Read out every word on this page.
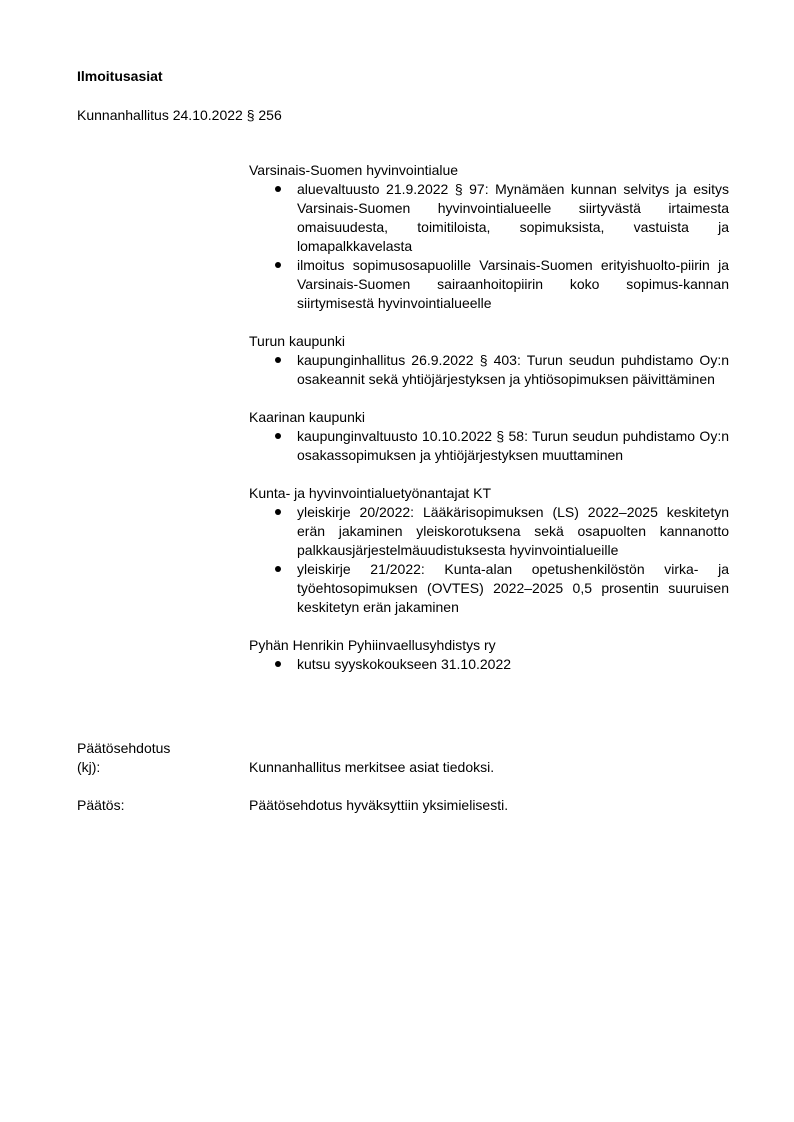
Ilmoitusasiat
Kunnanhallitus 24.10.2022 § 256
Varsinais-Suomen hyvinvointialue
aluevaltuusto 21.9.2022 § 97: Mynämäen kunnan selvitys ja esitys Varsinais-Suomen hyvinvointialueelle siirtyvästä irtaimesta omaisuudesta, toimitiloista, sopimuksista, vastuista ja lomapalkkavelasta
ilmoitus sopimusosapuolille Varsinais-Suomen erityishuolto-piirin ja Varsinais-Suomen sairaanhoitopiirin koko sopimus-kannan siirtymisestä hyvinvointialueelle
Turun kaupunki
kaupunginhallitus 26.9.2022 § 403: Turun seudun puhdistamo Oy:n osakeannit sekä yhtiöjärjestyksen ja yhtiösopimuksen päivittäminen
Kaarinan kaupunki
kaupunginvaltuusto 10.10.2022 § 58: Turun seudun puhdistamo Oy:n osakassopimuksen ja yhtiöjärjestyksen muuttaminen
Kunta- ja hyvinvointialuetyönantajat KT
yleiskirje 20/2022: Lääkärisopimuksen (LS) 2022–2025 keskitetyn erän jakaminen yleiskorotuksena sekä osapuolten kannanotto palkkausjärjestelmäuudistuksesta hyvinvointialueille
yleiskirje 21/2022: Kunta-alan opetushenkilöstön virka- ja työehtosopimuksen (OVTES) 2022–2025 0,5 prosentin suuruisen keskitetyn erän jakaminen
Pyhän Henrikin Pyhiinvaellusyhdistys ry
kutsu syyskokoukseen 31.10.2022
Päätösehdotus
(kj):	Kunnanhallitus merkitsee asiat tiedoksi.
Päätös:	Päätösehdotus hyväksyttiin yksimielisesti.
